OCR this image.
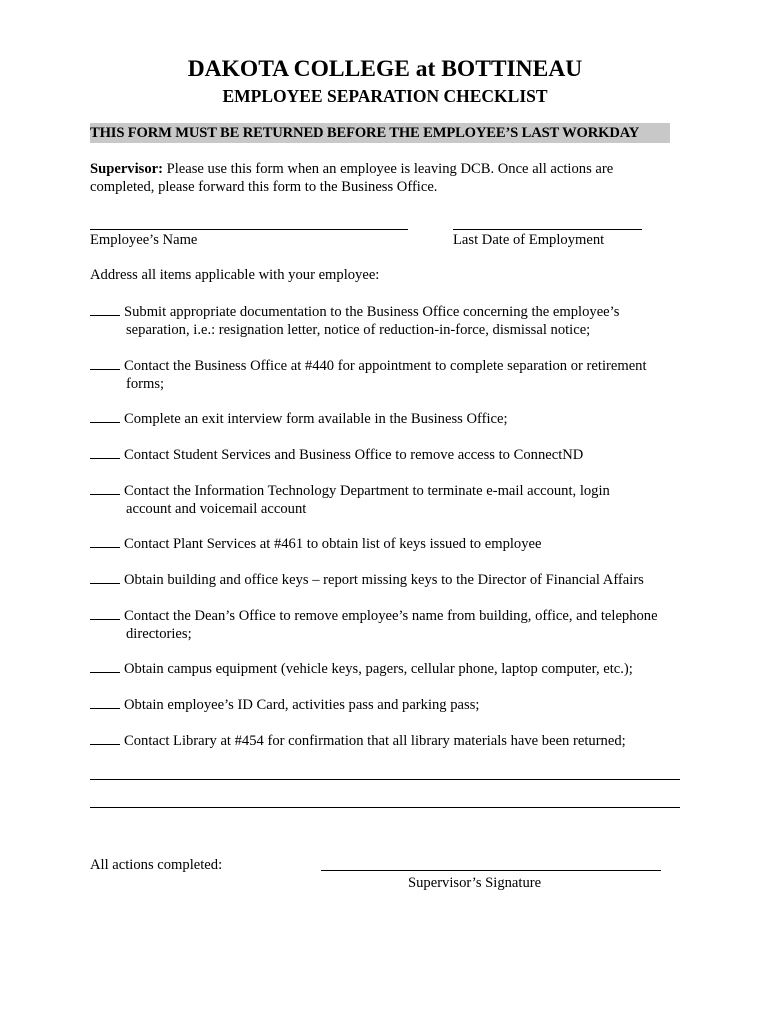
DAKOTA COLLEGE at BOTTINEAU
EMPLOYEE SEPARATION CHECKLIST
THIS FORM MUST BE RETURNED BEFORE THE EMPLOYEE’S LAST WORKDAY
Supervisor: Please use this form when an employee is leaving DCB. Once all actions are completed, please forward this form to the Business Office.
Employee’s Name	Last Date of Employment
Address all items applicable with your employee:
Submit appropriate documentation to the Business Office concerning the employee’s
separation, i.e.: resignation letter, notice of reduction-in-force, dismissal notice;
Contact the Business Office at #440 for appointment to complete separation or retirement
forms;
Complete an exit interview form available in the Business Office;
Contact Student Services and Business Office to remove access to ConnectND
Contact the Information Technology Department to terminate e-mail account, login
account and voicemail account
Contact Plant Services at #461 to obtain list of keys issued to employee
Obtain building and office keys – report missing keys to the Director of Financial Affairs
Contact the Dean’s Office to remove employee’s name from building, office, and telephone
directories;
Obtain campus equipment (vehicle keys, pagers, cellular phone, laptop computer, etc.);
Obtain employee’s ID Card, activities pass and parking pass;
Contact Library at #454 for confirmation that all library materials have been returned;
All actions completed:
Supervisor’s Signature
